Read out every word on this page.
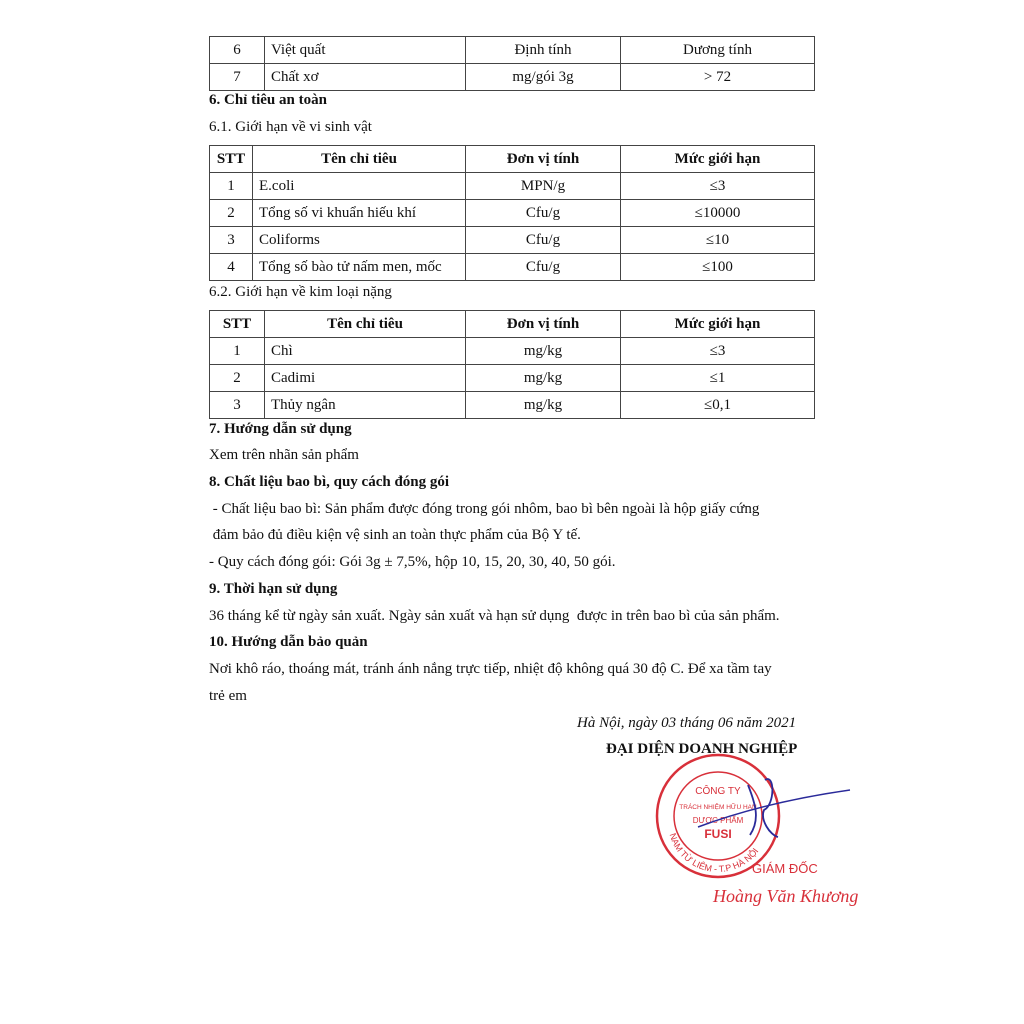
6	Việt quất	Định tính	Dương tính
7	Chất xơ	mg/gói 3g	> 72
6. Chỉ tiêu an toàn
6.1. Giới hạn về vi sinh vật
STT	Tên chỉ tiêu	Đơn vị tính	Mức giới hạn
1	E.coli	MPN/g	≤3
2	Tổng số vi khuẩn hiếu khí	Cfu/g	≤10000
3	Coliforms	Cfu/g	≤10
4	Tổng số bào tử nấm men, mốc	Cfu/g	≤100
6.2. Giới hạn về kim loại nặng
STT	Tên chỉ tiêu	Đơn vị tính	Mức giới hạn
1	Chì	mg/kg	≤3
2	Cadimi	mg/kg	≤1
3	Thủy ngân	mg/kg	≤0,1
7. Hướng dẫn sử dụng
Xem trên nhãn sản phẩm
8. Chất liệu bao bì, quy cách đóng gói
- Chất liệu bao bì: Sản phẩm được đóng trong gói nhôm, bao bì bên ngoài là hộp giấy cứng
đảm bảo đủ điều kiện vệ sinh an toàn thực phẩm của Bộ Y tế.
- Quy cách đóng gói: Gói 3g ± 7,5%, hộp 10, 15, 20, 30, 40, 50 gói.
9. Thời hạn sử dụng
36 tháng kể từ ngày sản xuất. Ngày sản xuất và hạn sử dụng  được in trên bao bì của sản phẩm.
10. Hướng dẫn bảo quản
Nơi khô ráo, thoáng mát, tránh ánh nắng trực tiếp, nhiệt độ không quá 30 độ C. Để xa tầm tay
trẻ em
Hà Nội, ngày 03 tháng 06 năm 2021
CÔNG TY
TRÁCH NHIỆM HỮU HẠN
DƯỢC PHẨM
FUSI
NAM TỪ LIÊM - T.P HÀ NỘI
ĐẠI DIỆN DOANH NGHIỆP
GIÁM ĐỐC
Hoàng Văn Khương
